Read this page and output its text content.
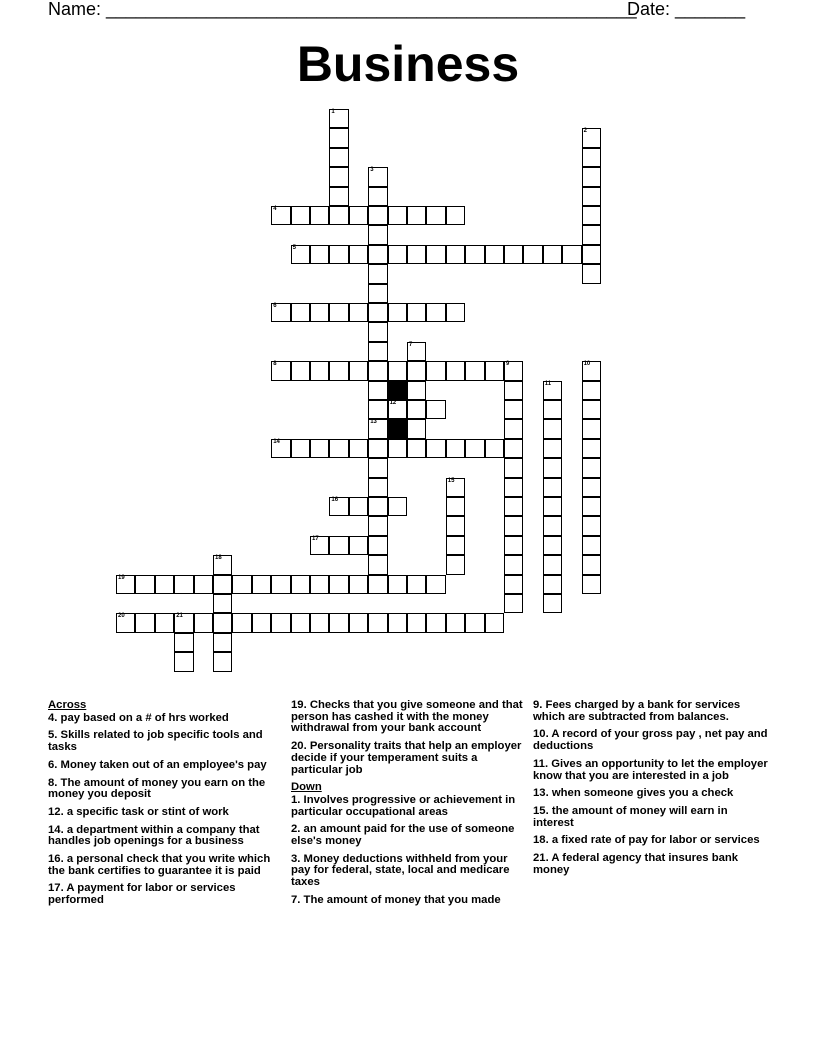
Name: _____________________________________________________
Date: _______
Business
4
5
6
8
14
16
19
20	21
1
2
3
13
7
9
11
10
15
18
17
12
Across
4. pay based on a # of hrs worked
5. Skills related to job specific tools and tasks
6. Money taken out of an employee's pay
8. The amount of money you earn on the money you deposit
12. a specific task or stint of work
14. a department within a company that handles job openings for a business
16. a personal check that you write which the bank certifies to guarantee it is paid
17. A payment for labor or services performed
19. Checks that you give someone and that person has cashed it with the money withdrawal from your bank account
20. Personality traits that help an employer decide if your temperament suits a particular job
Down
1. Involves progressive or achievement in particular occupational areas
2. an amount paid for the use of someone else's money
3. Money deductions withheld from your pay for federal, state, local and medicare taxes
7. The amount of money that you made
9. Fees charged by a bank for services which are subtracted from balances.
10. A record of your gross pay , net pay and deductions
11. Gives an opportunity to let the employer know that you are interested in a job
13. when someone gives you a check
15. the amount of money will earn in interest
18. a fixed rate of pay for labor or services
21. A federal agency that insures bank money
